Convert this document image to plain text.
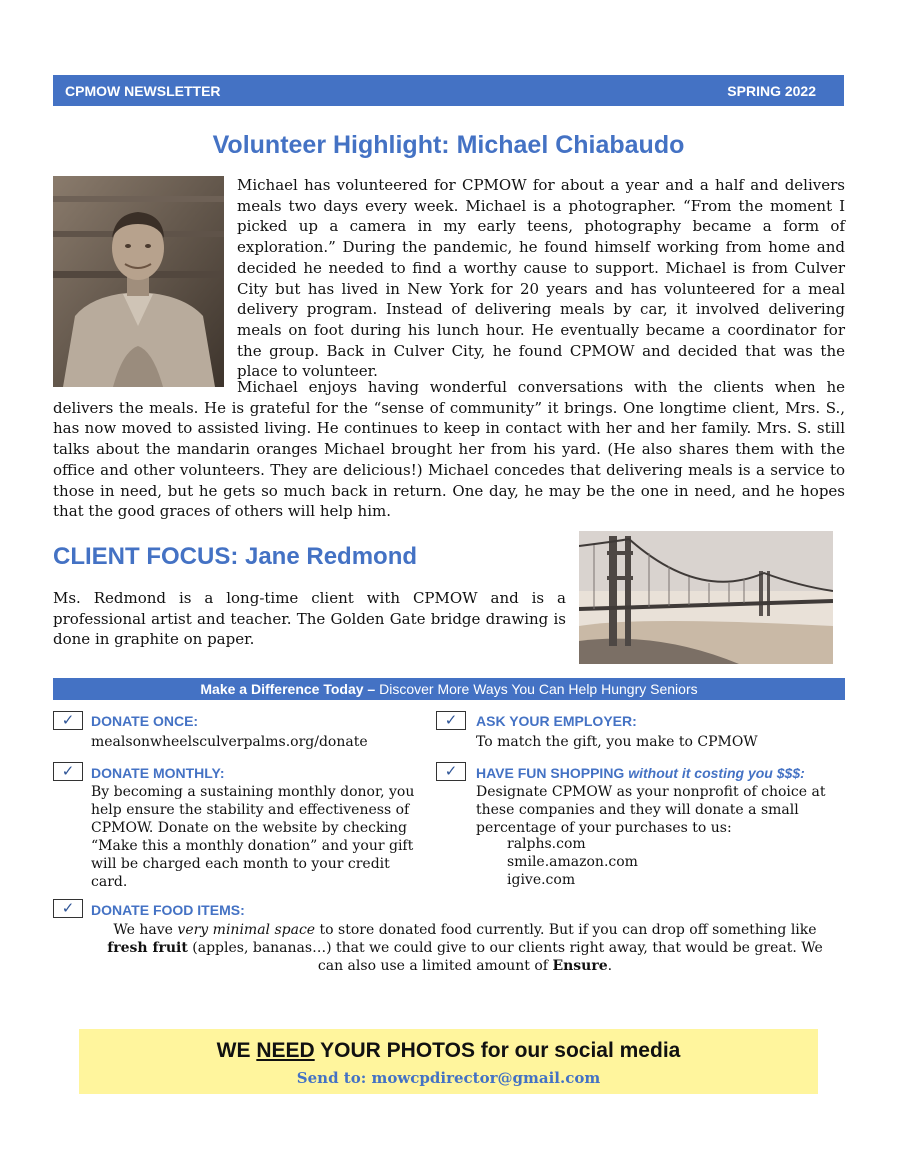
CPMOW NEWSLETTER	SPRING 2022
Volunteer Highlight: Michael Chiabaudo

Michael has volunteered for CPMOW for about a year and a half and delivers meals two days every week. Michael is a photographer. “From the moment I picked up a camera in my early teens, photography became a form of exploration.” During the pandemic, he found himself working from home and decided he needed to find a worthy cause to support. Michael is from Culver City but has lived in New York for 20 years and has volunteered for a meal delivery program. Instead of delivering meals by car, it involved delivering meals on foot during his lunch hour. He eventually became a coordinator for the group. Back in Culver City, he found CPMOW and decided that was the place to volunteer.

Michael enjoys having wonderful conversations with the clients when he delivers the meals. He is grateful for the “sense of community” it brings. One longtime client, Mrs. S., has now moved to assisted living. He continues to keep in contact with her and her family. Mrs. S. still talks about the mandarin oranges Michael brought her from his yard. (He also shares them with the office and other volunteers. They are delicious!) Michael concedes that delivering meals is a service to those in need, but he gets so much back in return. One day, he may be the one in need, and he hopes that the good graces of others will help him.

CLIENT FOCUS: Jane Redmond

Ms. Redmond is a long-time client with CPMOW and is a professional artist and teacher. The Golden Gate bridge drawing is done in graphite on paper.

Make a Difference Today – Discover More Ways You Can Help Hungry Seniors
✓	DONATE ONCE:
mealsonwheelsculverpalms.org/donate
✓	ASK YOUR EMPLOYER:
To match the gift, you make to CPMOW
✓	DONATE MONTHLY:
By becoming a sustaining monthly donor, you help ensure the stability and effectiveness of CPMOW. Donate on the website by checking “Make this a monthly donation” and your gift will be charged each month to your credit card.
✓	HAVE FUN SHOPPING without it costing you $$$:
Designate CPMOW as your nonprofit of choice at these companies and they will donate a small percentage of your purchases to us:
ralphs.com
smile.amazon.com
igive.com
✓	DONATE FOOD ITEMS:
We have very minimal space to store donated food currently. But if you can drop off something like fresh fruit (apples, bananas…) that we could give to our clients right away, that would be great. We can also use a limited amount of Ensure.
WE NEED YOUR PHOTOS for our social media
Send to: mowcpdirector@gmail.com
